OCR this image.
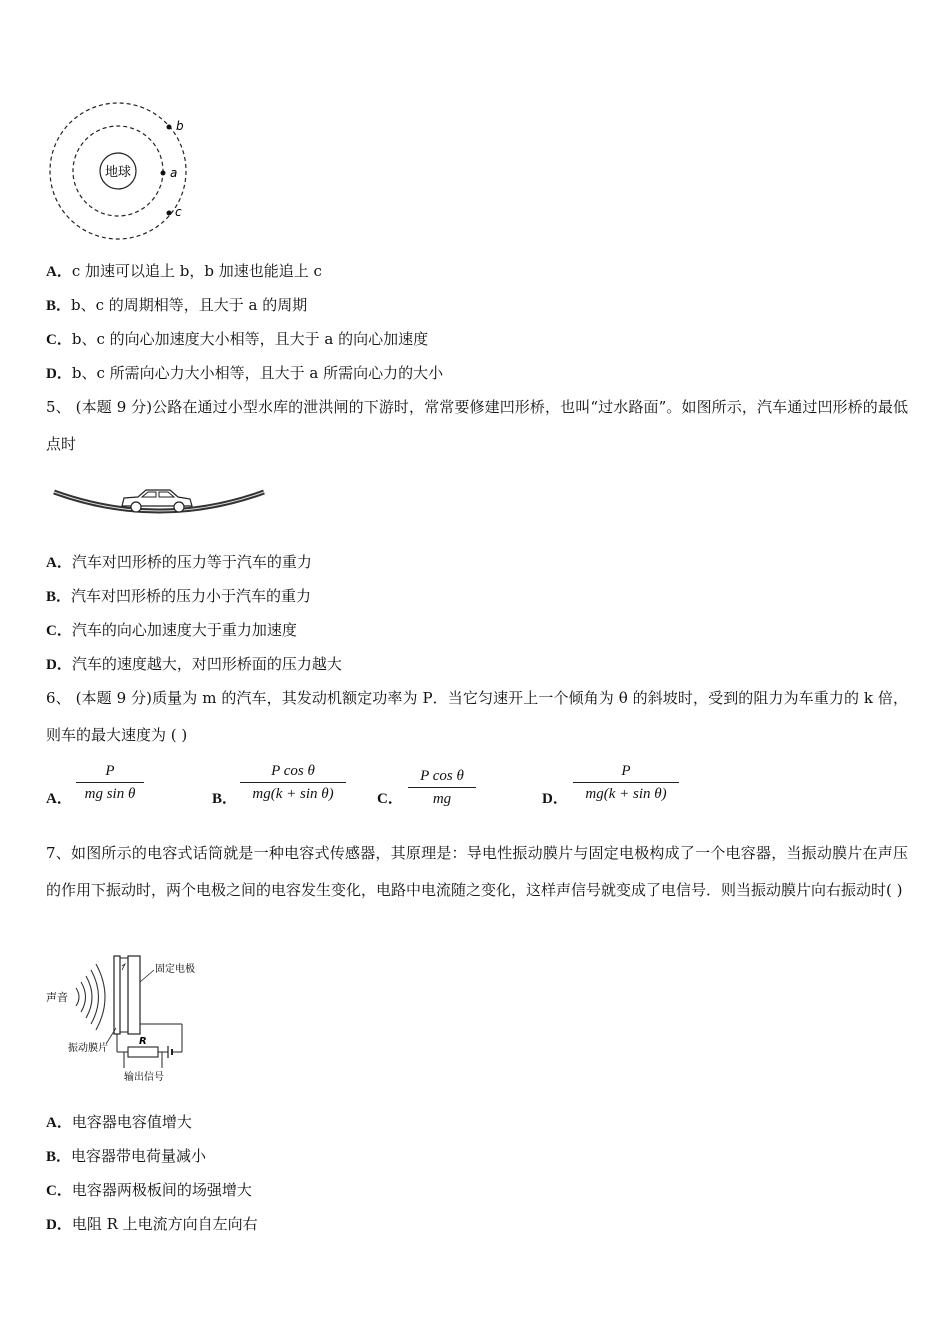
地球
b
a
c
A．c 加速可以追上 b，b 加速也能追上 c
B．b、c 的周期相等，且大于 a 的周期
C．b、c 的向心加速度大小相等，且大于 a 的向心加速度
D．b、c 所需向心力大小相等，且大于 a 所需向心力的大小
5、 (本题 9 分)公路在通过小型水库的泄洪闸的下游时，常常要修建凹形桥，也叫“过水路面”。如图所示，汽车通过凹形桥的最低点时
A．汽车对凹形桥的压力等于汽车的重力
B．汽车对凹形桥的压力小于汽车的重力
C．汽车的向心加速度大于重力加速度
D．汽车的速度越大，对凹形桥面的压力越大
6、 (本题 9 分)质量为 m 的汽车，其发动机额定功率为 P．当它匀速开上一个倾角为 θ 的斜坡时，受到的阻力为车重力的 k 倍，则车的最大速度为 ( )
A．
P
mg sin θ	B．
P cos θ
mg(k + sin θ)	C．
P cos θ
mg	D．
P
mg(k + sin θ)
7、如图所示的电容式话筒就是一种电容式传感器，其原理是：导电性振动膜片与固定电极构成了一个电容器，当振动膜片在声压的作用下振动时，两个电极之间的电容发生变化，电路中电流随之变化，这样声信号就变成了电信号．则当振动膜片向右振动时( )
声音
固定电极
R
振动膜片
输出信号
A．电容器电容值增大
B．电容器带电荷量减小
C．电容器两极板间的场强增大
D．电阻 R 上电流方向自左向右
